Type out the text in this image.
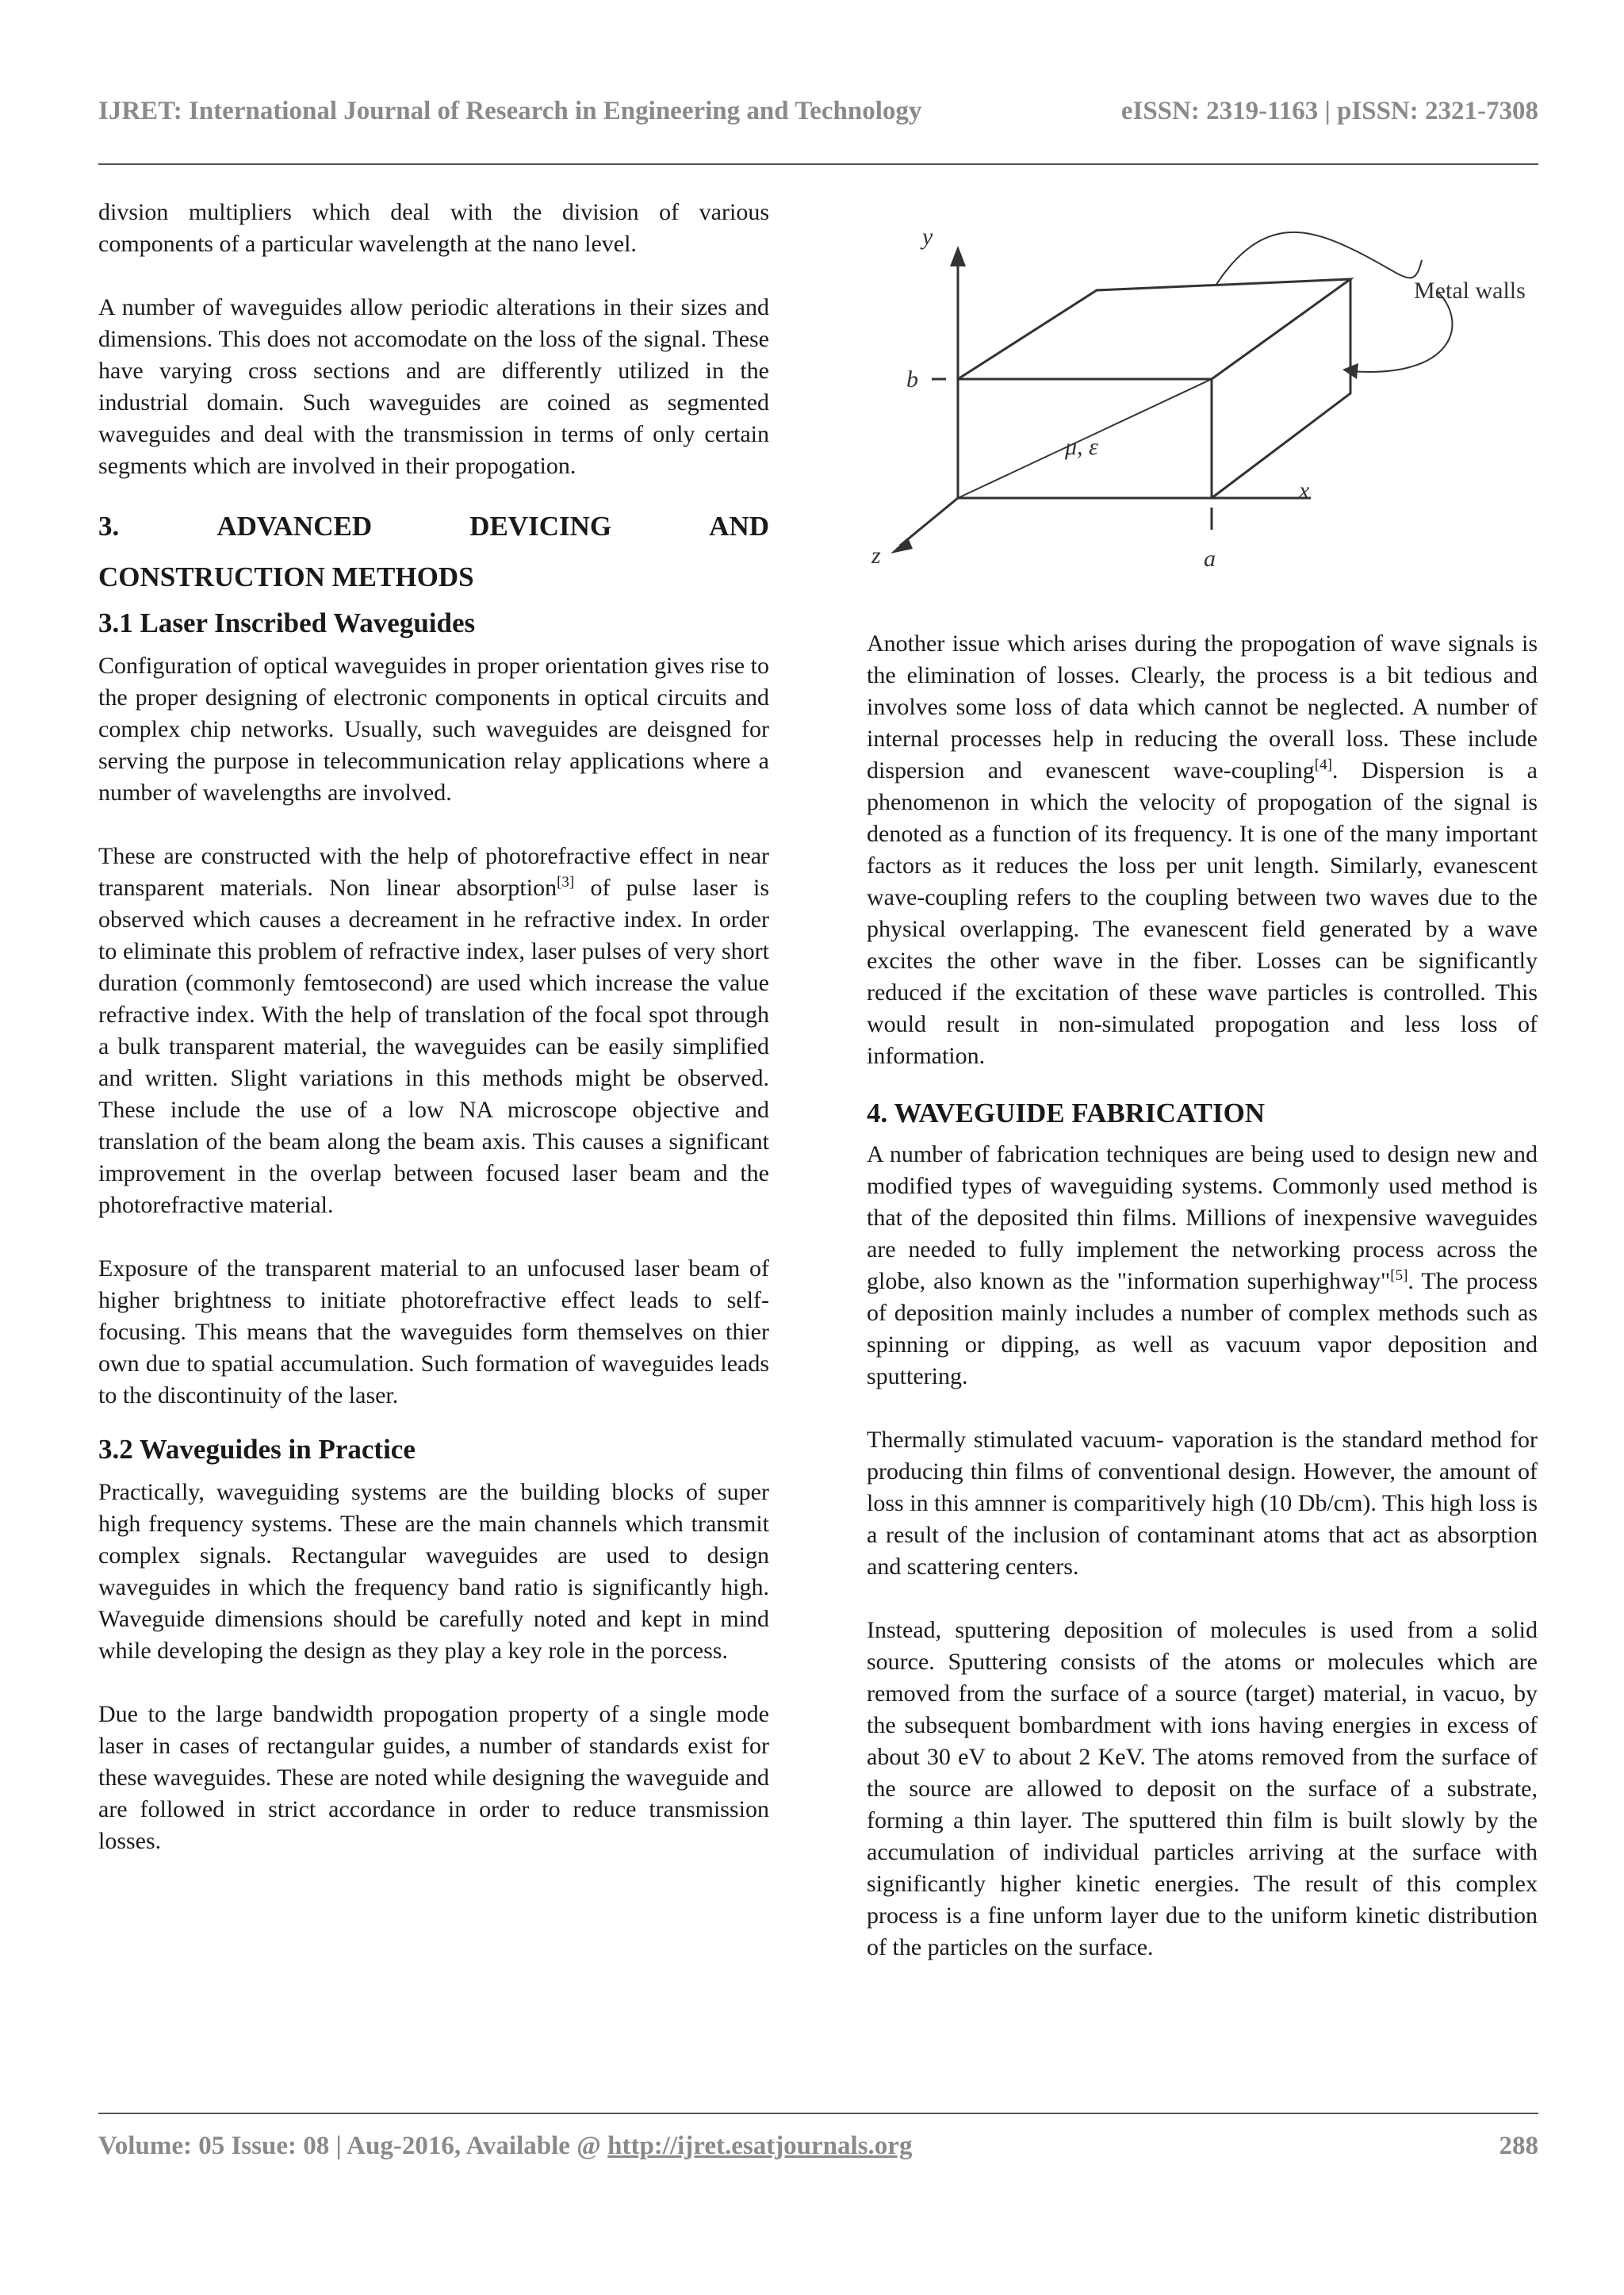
IJRET: International Journal of Research in Engineering and Technology	eISSN: 2319-1163 | pISSN: 2321-7308

divsion multipliers which deal with the division of various components of a particular wavelength at the nano level.

A number of waveguides allow periodic alterations in their sizes and dimensions. This does not accomodate on the loss of the signal. These have varying cross sections and are differently utilized in the industrial domain. Such waveguides are coined as segmented waveguides and deal with the transmission in terms of only certain segments which are involved in their propogation.

3.	ADVANCED	DEVICING	AND
CONSTRUCTION METHODS
3.1 Laser Inscribed Waveguides

Configuration of optical waveguides in proper orientation gives rise to the proper designing of electronic components in optical circuits and complex chip networks. Usually, such waveguides are deisgned for serving the purpose in telecommunication relay applications where a number of wavelengths are involved.

These are constructed with the help of photorefractive effect in near transparent materials. Non linear absorption[3] of pulse laser is observed which causes a decreament in he refractive index. In order to eliminate this problem of refractive index, laser pulses of very short duration (commonly femtosecond) are used which increase the value refractive index. With the help of translation of the focal spot through a bulk transparent material, the waveguides can be easily simplified and written. Slight variations in this methods might be observed. These include the use of a low NA microscope objective and translation of the beam along the beam axis. This causes a significant improvement in the overlap between focused laser beam and the photorefractive material.

Exposure of the transparent material to an unfocused laser beam of higher brightness to initiate photorefractive effect leads to self-focusing. This means that the waveguides form themselves on thier own due to spatial accumulation. Such formation of waveguides leads to the discontinuity of the laser.

3.2 Waveguides in Practice

Practically, waveguiding systems are the building blocks of super high frequency systems. These are the main channels which transmit complex signals. Rectangular waveguides are used to design waveguides in which the frequency band ratio is significantly high. Waveguide dimensions should be carefully noted and kept in mind while developing the design as they play a key role in the porcess.

Due to the large bandwidth propogation property of a single mode laser in cases of rectangular guides, a number of standards exist for these waveguides. These are noted while designing the waveguide and are followed in strict accordance in order to reduce transmission losses.

y
b
μ, ε
x
z	a
Metal walls

Another issue which arises during the propogation of wave signals is the elimination of losses. Clearly, the process is a bit tedious and involves some loss of data which cannot be neglected. A number of internal processes help in reducing the overall loss. These include dispersion and evanescent wave-coupling[4]. Dispersion is a phenomenon in which the velocity of propogation of the signal is denoted as a function of its frequency. It is one of the many important factors as it reduces the loss per unit length. Similarly, evanescent wave-coupling refers to the coupling between two waves due to the physical overlapping. The evanescent field generated by a wave excites the other wave in the fiber. Losses can be significantly reduced if the excitation of these wave particles is controlled. This would result in non-simulated propogation and less loss of information.

4. WAVEGUIDE FABRICATION

A number of fabrication techniques are being used to design new and modified types of waveguiding systems. Commonly used method is that of the deposited thin films. Millions of inexpensive waveguides are needed to fully implement the networking process across the globe, also known as the "information superhighway"[5]. The process of deposition mainly includes a number of complex methods such as spinning or dipping, as well as vacuum vapor deposition and sputtering.

Thermally stimulated vacuum- vaporation is the standard method for producing thin films of conventional design. However, the amount of loss in this amnner is comparitively high (10 Db/cm). This high loss is a result of the inclusion of contaminant atoms that act as absorption and scattering centers.

Instead, sputtering deposition of molecules is used from a solid source. Sputtering consists of the atoms or molecules which are removed from the surface of a source (target) material, in vacuo, by the subsequent bombardment with ions having energies in excess of about 30 eV to about 2 KeV. The atoms removed from the surface of the source are allowed to deposit on the surface of a substrate, forming a thin layer. The sputtered thin film is built slowly by the accumulation of individual particles arriving at the surface with significantly higher kinetic energies. The result of this complex process is a fine unform layer due to the uniform kinetic distribution of the particles on the surface.

Volume: 05 Issue: 08 | Aug-2016, Available @ http://ijret.esatjournals.org	288
